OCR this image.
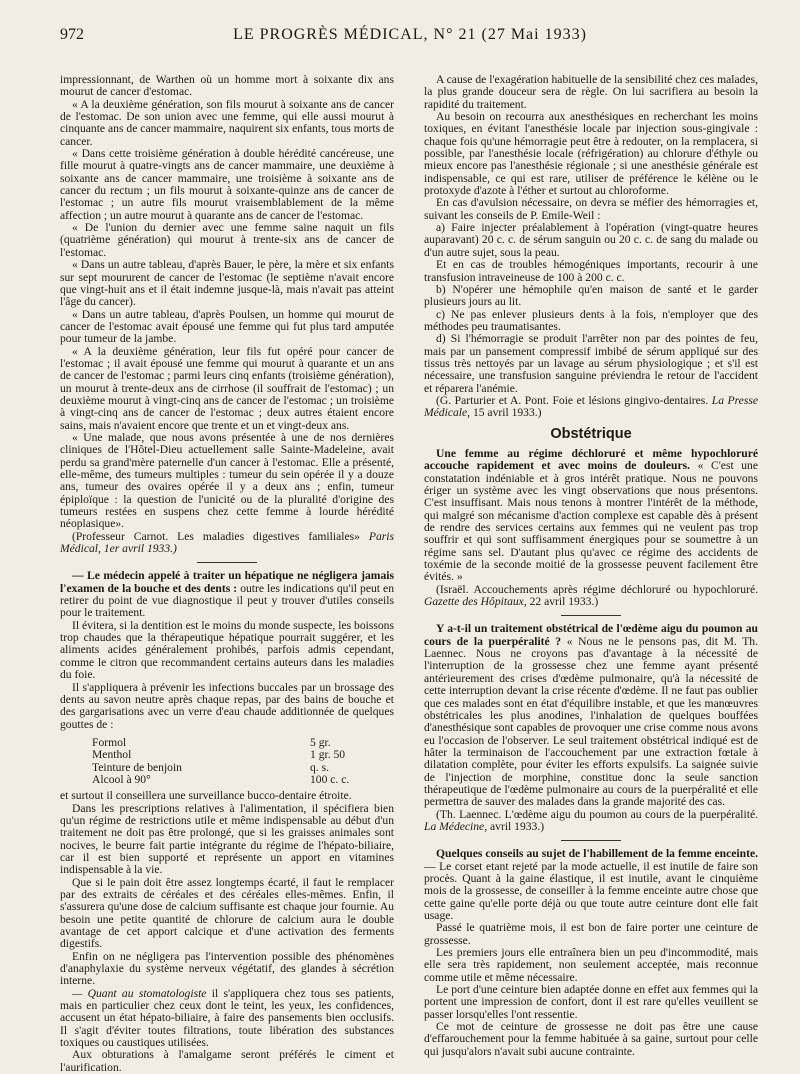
972	LE PROGRÈS MÉDICAL, N° 21 (27 Mai 1933)

impressionnant, de Warthen où un homme mort à soixante dix ans mourut de cancer d'estomac.

« A la deuxième génération, son fils mourut à soixante ans de cancer de l'estomac. De son union avec une femme, qui elle aussi mourut à cinquante ans de cancer mammaire, naquirent six enfants, tous morts de cancer.

« Dans cette troisième génération à double hérédité cancéreuse, une fille mourut à quatre-vingts ans de cancer mammaire, une deuxième à soixante ans de cancer mammaire, une troisième à soixante ans de cancer du rectum ; un fils mourut à soixante-quinze ans de cancer de l'estomac ; un autre fils mourut vraisemblablement de la même affection ; un autre mourut à quarante ans de cancer de l'estomac.

« De l'union du dernier avec une femme saine naquit un fils (quatrième génération) qui mourut à trente-six ans de cancer de l'estomac.

« Dans un autre tableau, d'après Bauer, le père, la mère et six enfants sur sept moururent de cancer de l'estomac (le septième n'avait encore que vingt-huit ans et il était indemne jusque-là, mais n'avait pas atteint l'âge du cancer).

« Dans un autre tableau, d'après Poulsen, un homme qui mourut de cancer de l'estomac avait épousé une femme qui fut plus tard amputée pour tumeur de la jambe.

« A la deuxième génération, leur fils fut opéré pour cancer de l'estomac ; il avait épousé une femme qui mourut à quarante et un ans de cancer de l'estomac ; parmi leurs cinq enfants (troisième génération), un mourut à trente-deux ans de cirrhose (il souffrait de l'estomac) ; un deuxième mourut à vingt-cinq ans de cancer de l'estomac ; un troisième à vingt-cinq ans de cancer de l'estomac ; deux autres étaient encore sains, mais n'avaient encore que trente et un et vingt-deux ans.

« Une malade, que nous avons présentée à une de nos dernières cliniques de l'Hôtel-Dieu actuellement salle Sainte-Madeleine, avait perdu sa grand'mère paternelle d'un cancer à l'estomac. Elle a présenté, elle-même, des tumeurs multiples : tumeur du sein opérée il y a douze ans, tumeur des ovaires opérée il y a deux ans ; enfin, tumeur épiploïque : la question de l'unicité ou de la pluralité d'origine des tumeurs restées en suspens chez cette femme à lourde hérédité néoplasique».

(Professeur Carnot. Les maladies digestives familiales» Paris Médical, 1er avril 1933.)

— Le médecin appelé à traiter un hépatique ne négligera jamais l'examen de la bouche et des dents : outre les indications qu'il peut en retirer du point de vue diagnostique il peut y trouver d'utiles conseils pour le traitement.

Il évitera, si la dentition est le moins du monde suspecte, les boissons trop chaudes que la thérapeutique hépatique pourrait suggérer, et les aliments acides généralement prohibés, parfois admis cependant, comme le citron que recommandent certains auteurs dans les maladies du foie.

Il s'appliquera à prévenir les infections buccales par un brossage des dents au savon neutre après chaque repas, par des bains de bouche et des gargarisations avec un verre d'eau chaude additionnée de quelques gouttes de :

Formol	5 gr.
Menthol	1 gr. 50
Teinture de benjoin	q. s.
Alcool à 90°	100 c. c.

et surtout il conseillera une surveillance bucco-dentaire étroite.

Dans les prescriptions relatives à l'alimentation, il spécifiera bien qu'un régime de restrictions utile et même indispensable au début d'un traitement ne doit pas être prolongé, que si les graisses animales sont nocives, le beurre fait partie intégrante du régime de l'hépato-biliaire, car il est bien supporté et représente un apport en vitamines indispensable à la vie.

Que si le pain doit être assez longtemps écarté, il faut le remplacer par des extraits de céréales et des céréales elles-mêmes. Enfin, il s'assurera qu'une dose de calcium suffisante est chaque jour fournie. Au besoin une petite quantité de chlorure de calcium aura le double avantage de cet apport calcique et d'une activation des ferments digestifs.

Enfin on ne négligera pas l'intervention possible des phénomènes d'anaphylaxie du système nerveux végétatif, des glandes à sécrétion interne.

— Quant au stomatologiste il s'appliquera chez tous ses patients, mais en particulier chez ceux dont le teint, les yeux, les confidences, accusent un état hépato-biliaire, à faire des pansements bien occlusifs. Il s'agit d'éviter toutes filtrations, toute libération des substances toxiques ou caustiques utilisées.

Aux obturations à l'amalgame seront préférés le ciment et l'aurification.

A cause de l'exagération habituelle de la sensibilité chez ces malades, la plus grande douceur sera de règle. On lui sacrifiera au besoin la rapidité du traitement.

Au besoin on recourra aux anesthésiques en recherchant les moins toxiques, en évitant l'anesthésie locale par injection sous-gingivale : chaque fois qu'une hémorragie peut être à redouter, on la remplacera, si possible, par l'anesthésie locale (réfrigération) au chlorure d'éthyle ou mieux encore pas l'anesthésie régionale ; si une anesthésie générale est indispensable, ce qui est rare, utiliser de préférence le kélène ou le protoxyde d'azote à l'éther et surtout au chloroforme.

En cas d'avulsion nécessaire, on devra se méfier des hémorragies et, suivant les conseils de P. Emile-Weil :

a) Faire injecter préalablement à l'opération (vingt-quatre heures auparavant) 20 c. c. de sérum sanguin ou 20 c. c. de sang du malade ou d'un autre sujet, sous la peau.

Et en cas de troubles hémogéniques importants, recourir à une transfusion intraveineuse de 100 à 200 c. c.

b) N'opérer une hémophile qu'en maison de santé et le garder plusieurs jours au lit.

c) Ne pas enlever plusieurs dents à la fois, n'employer que des méthodes peu traumatisantes.

d) Si l'hémorragie se produit l'arrêter non par des pointes de feu, mais par un pansement compressif imbibé de sérum appliqué sur des tissus très nettoyés par un lavage au sérum physiologique ; et s'il est nécessaire, une transfusion sanguine préviendra le retour de l'accident et réparera l'anémie.

(G. Parturier et A. Pont. Foie et lésions gingivo-dentaires. La Presse Médicale, 15 avril 1933.)

Obstétrique

Une femme au régime déchloruré et même hypochloruré accouche rapidement et avec moins de douleurs. « C'est une constatation indéniable et à gros intérêt pratique. Nous ne pouvons ériger un système avec les vingt observations que nous présentons. C'est insuffisant. Mais nous tenons à montrer l'intérêt de la méthode, qui malgré son mécanisme d'action complexe est capable dès à présent de rendre des services certains aux femmes qui ne veulent pas trop souffrir et qui sont suffisamment énergiques pour se soumettre à un régime sans sel. D'autant plus qu'avec ce régime des accidents de toxémie de la seconde moitié de la grossesse peuvent facilement être évités. »

(Israël. Accouchements après régime déchloruré ou hypochloruré. Gazette des Hôpitaux, 22 avril 1933.)

Y a-t-il un traitement obstétrical de l'œdème aigu du poumon au cours de la puerpéralité ? « Nous ne le pensons pas, dit M. Th. Laennec. Nous ne croyons pas d'avantage à la nécessité de l'interruption de la grossesse chez une femme ayant présenté antérieurement des crises d'œdème pulmonaire, qu'à la nécessité de cette interruption devant la crise récente d'œdème. Il ne faut pas oublier que ces malades sont en état d'équilibre instable, et que les manœuvres obstétricales les plus anodines, l'inhalation de quelques bouffées d'anesthésique sont capables de provoquer une crise comme nous avons eu l'occasion de l'observer. Le seul traitement obstétrical indiqué est de hâter la terminaison de l'accouchement par une extraction fœtale à dilatation complète, pour éviter les efforts expulsifs. La saignée suivie de l'injection de morphine, constitue donc la seule sanction thérapeutique de l'œdème pulmonaire au cours de la puerpéralité et elle permettra de sauver des malades dans la grande majorité des cas.

(Th. Laennec. L'œdème aigu du poumon au cours de la puerpéralité. La Médecine, avril 1933.)

Quelques conseils au sujet de l'habillement de la femme enceinte. — Le corset etant rejeté par la mode actuelle, il est inutile de faire son procès. Quant à la gaine élastique, il est inutile, avant le cinquième mois de la grossesse, de conseiller à la femme enceinte autre chose que cette gaine qu'elle porte déjà ou que toute autre ceinture dont elle fait usage.

Passé le quatrième mois, il est bon de faire porter une ceinture de grossesse.

Les premiers jours elle entraînera bien un peu d'incommodité, mais elle sera très rapidement, non seulement acceptée, mais reconnue comme utile et même nécessaire.

Le port d'une ceinture bien adaptée donne en effet aux femmes qui la portent une impression de confort, dont il est rare qu'elles veuillent se passer lorsqu'elles l'ont ressentie.

Ce mot de ceinture de grossesse ne doit pas être une cause d'effarouchement pour la femme habituée à sa gaine, surtout pour celle qui jusqu'alors n'avait subi aucune contrainte.
